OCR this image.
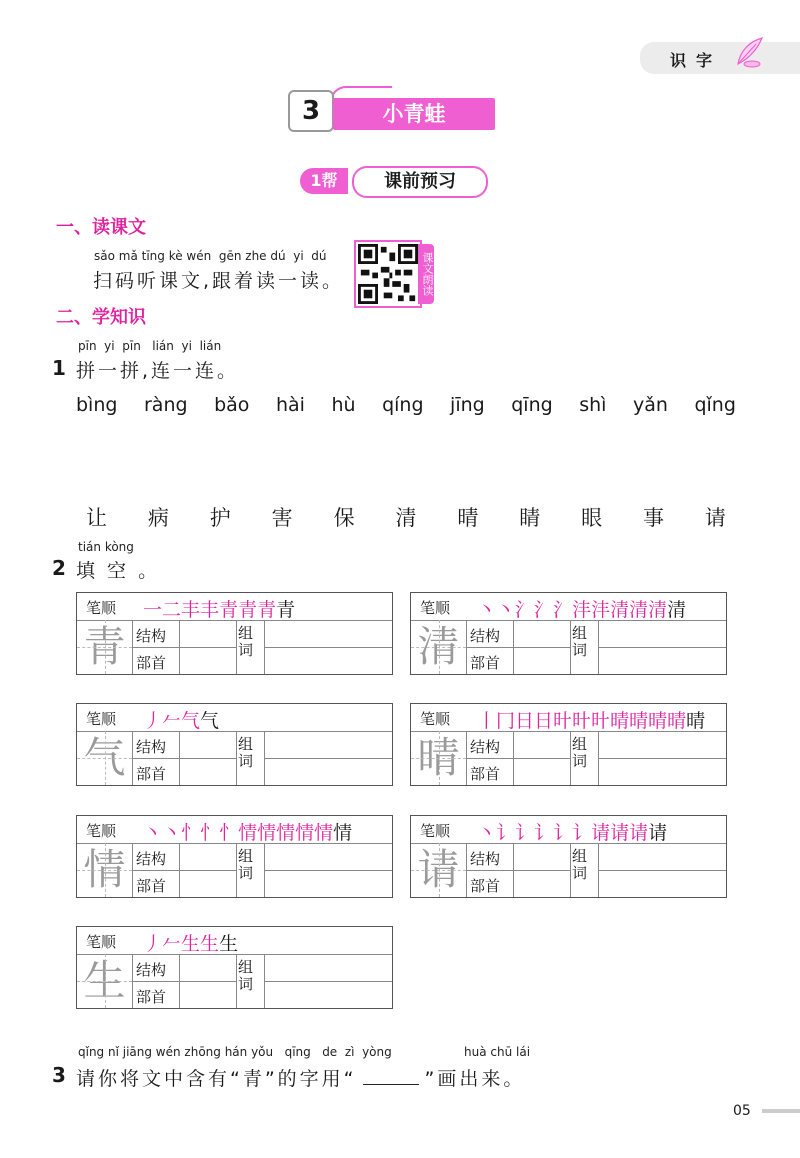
识字
3	小青蛙
1帮	课前预习
一、读课文
sǎo mǎ tīng kè wén  gēn zhe dú  yi  dú
扫码听课文,跟着读一读。	课文朗读
二、学知识
pīn  yi  pīn   lián  yi  lián
1 拼一拼,连一连。
bìng ràng bǎo hài hù qíng jīng qīng shì yǎn qǐng
让 病 护 害 保 清 晴 睛 眼 事 请
tián kòng
2 填 空 。
笔顺 一二丰丰青青青青
青 结构
部首
组词
笔顺 丶丶氵氵氵沣沣清清清清
清 结构
部首
组词
笔顺 丿𠂉气气
气 结构
部首
组词
笔顺 丨冂日日旪旪旪晴晴晴晴晴
晴 结构
部首
组词
笔顺 丶丶忄忄忄情情情情情情
情 结构
部首
组词
笔顺 丶讠讠讠讠讠请请请请
请 结构
部首
组词
笔顺 丿𠂉生生生
生 结构
部首
组词
qǐng nǐ jiāng wén zhōng hán yǒu   qīng   de  zì  yòng	huà chū lái
3 请你将文中含有“青”的字用“	”画出来。
05
